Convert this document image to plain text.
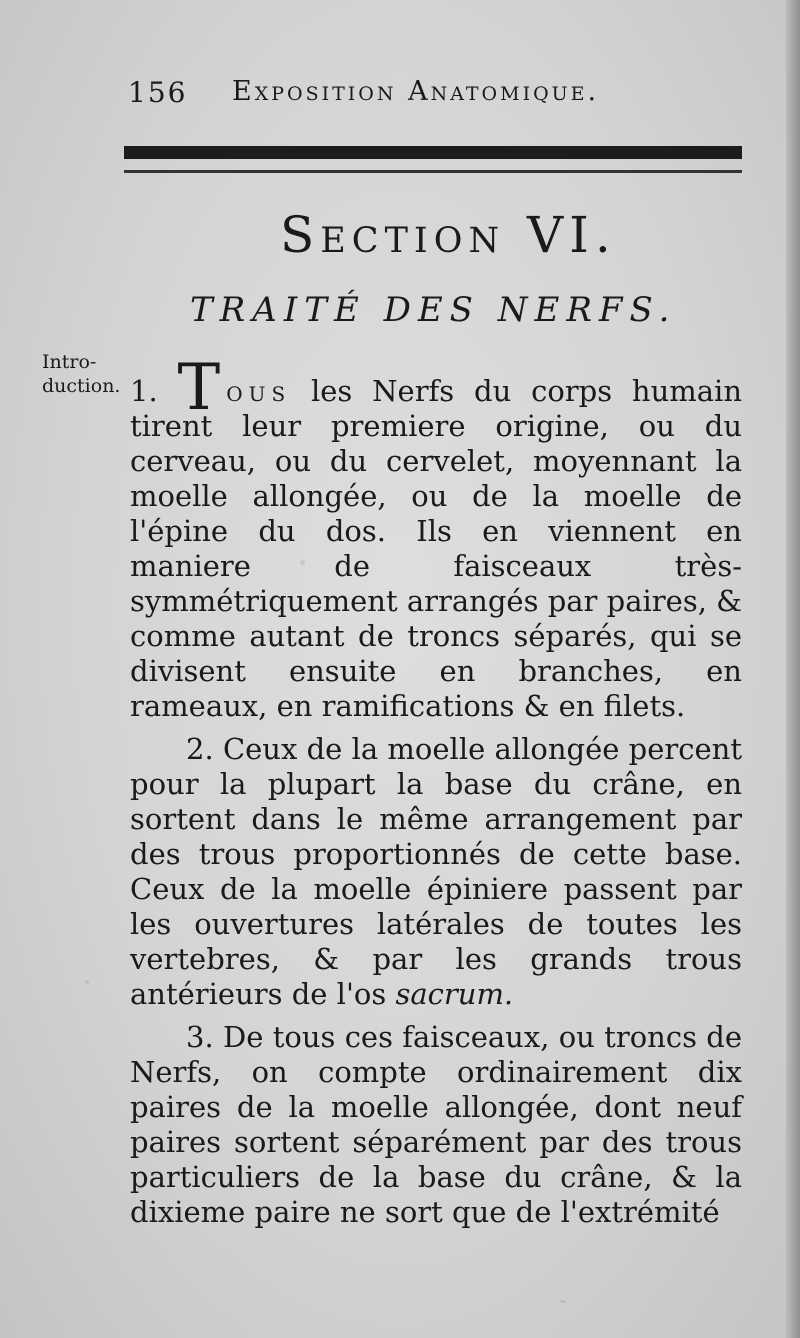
156 Exposition Anatomique.
Section VI.
TRAITÉ DES NERFS.
Intro-
duction. 1. T ous les Nerfs du corps humain tirent leur premiere origine, ou du cerveau, ou du cervelet, moyennant la moelle allongée, ou de la moelle de l'épine du dos. Ils en viennent en maniere de faisceaux très-symmétriquement arrangés par paires, & comme autant de troncs séparés, qui se divisent ensuite en branches, en rameaux, en ramifications & en filets.

2. Ceux de la moelle allongée percent pour la plupart la base du crâne, en sortent dans le même arrangement par des trous proportionnés de cette base. Ceux de la moelle épiniere passent par les ouvertures latérales de toutes les vertebres, & par les grands trous antérieurs de l'os sacrum.

3. De tous ces faisceaux, ou troncs de Nerfs, on compte ordinairement dix paires de la moelle allongée, dont neuf paires sortent séparément par des trous particuliers de la base du crâne, & la dixieme paire ne sort que de l'extrémité
